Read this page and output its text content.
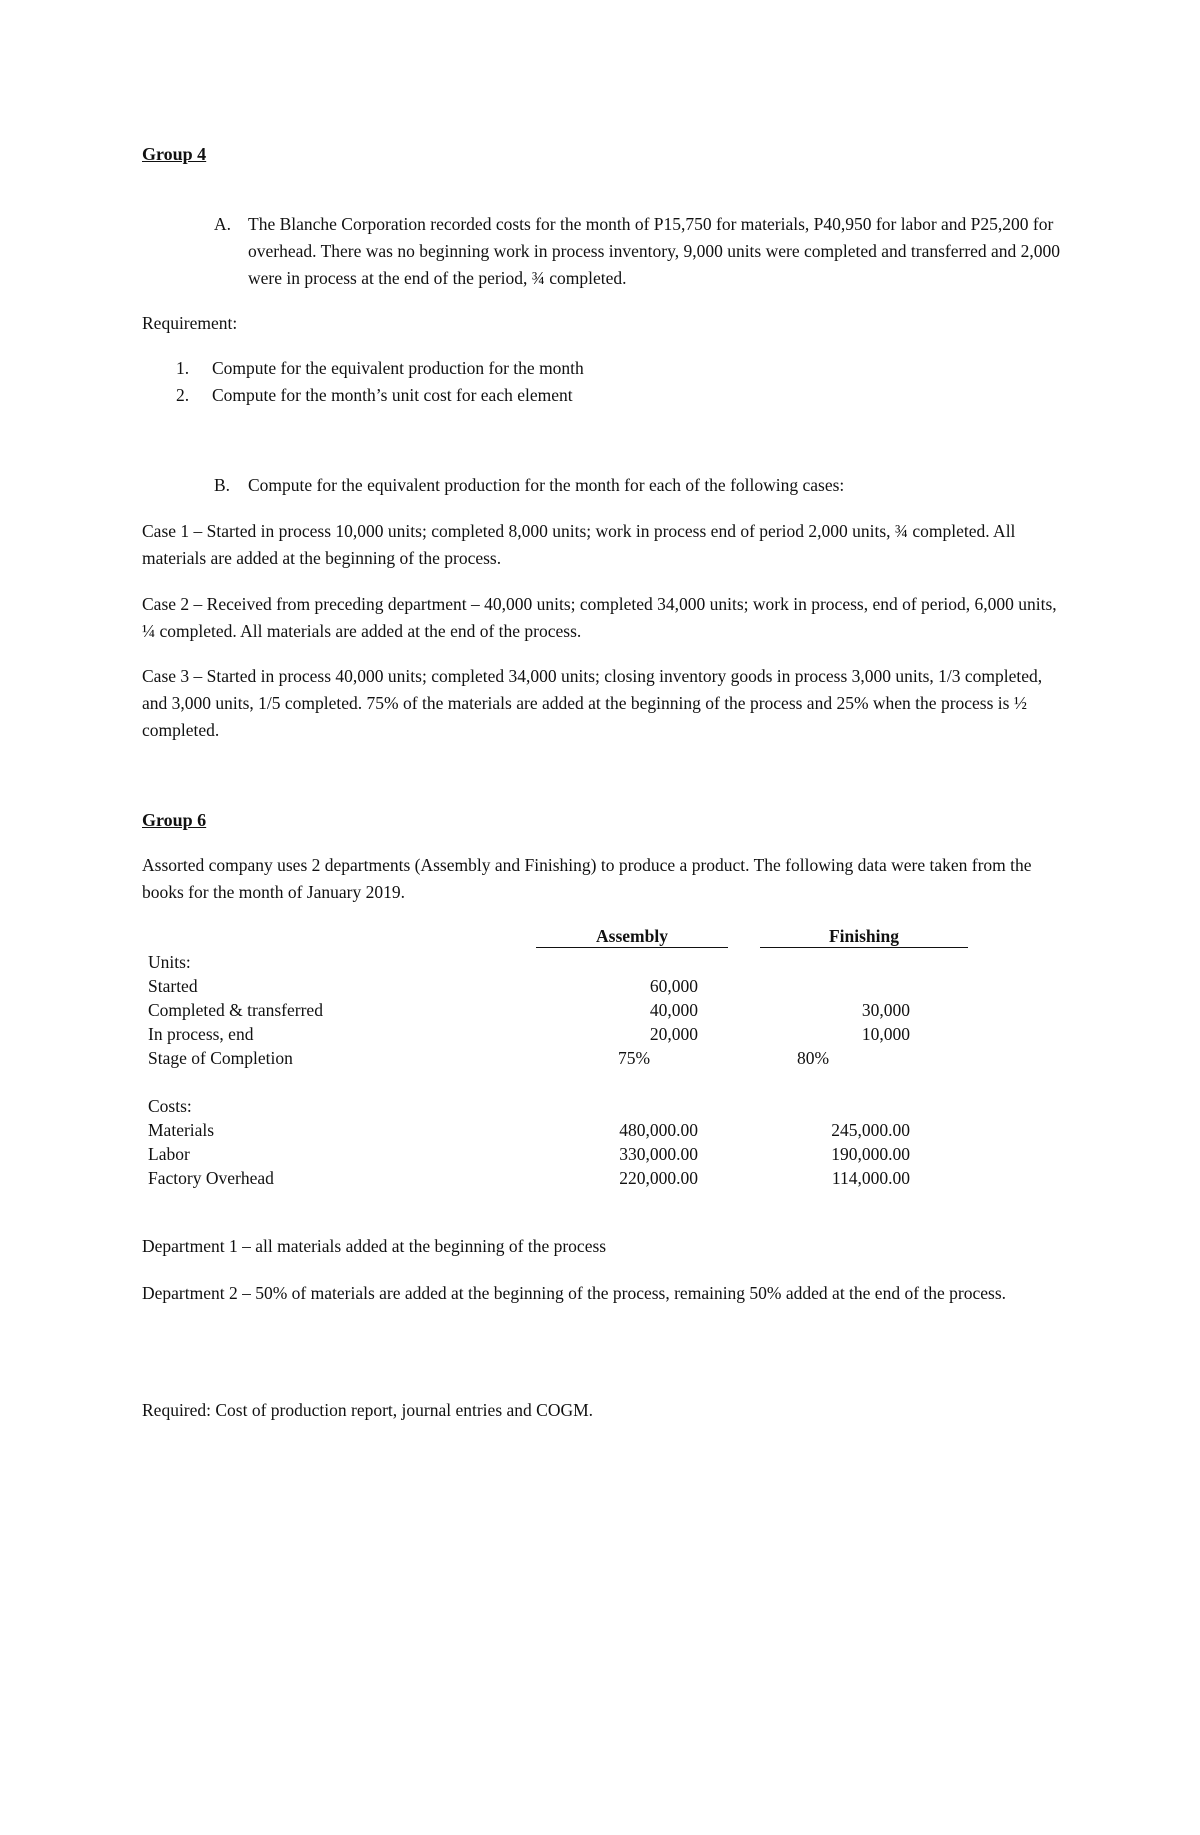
Group 4
A. The Blanche Corporation recorded costs for the month of P15,750 for materials, P40,950 for labor and P25,200 for overhead. There was no beginning work in process inventory, 9,000 units were completed and transferred and 2,000 were in process at the end of the period, ¾ completed.
Requirement:
1. Compute for the equivalent production for the month
2. Compute for the month’s unit cost for each element
B. Compute for the equivalent production for the month for each of the following cases:
Case 1 – Started in process 10,000 units; completed 8,000 units; work in process end of period 2,000 units, ¾ completed. All materials are added at the beginning of the process.
Case 2 – Received from preceding department – 40,000 units; completed 34,000 units; work in process, end of period, 6,000 units, ¼ completed. All materials are added at the end of the process.
Case 3 – Started in process 40,000 units; completed 34,000 units; closing inventory goods in process 3,000 units, 1/3 completed, and 3,000 units, 1/5 completed. 75% of the materials are added at the beginning of the process and 25% when the process is ½ completed.
Group 6
Assorted company uses 2 departments (Assembly and Finishing) to produce a product. The following data were taken from the books for the month of January 2019.
Assembly	Finishing
Units:
Started	60,000
Completed & transferred	40,000	30,000
In process, end	20,000	10,000
Stage of Completion	75%	80%
Costs:
Materials	480,000.00	245,000.00
Labor	330,000.00	190,000.00
Factory Overhead	220,000.00	114,000.00
Department 1 – all materials added at the beginning of the process
Department 2 – 50% of materials are added at the beginning of the process, remaining 50% added at the end of the process.
Required: Cost of production report, journal entries and COGM.
